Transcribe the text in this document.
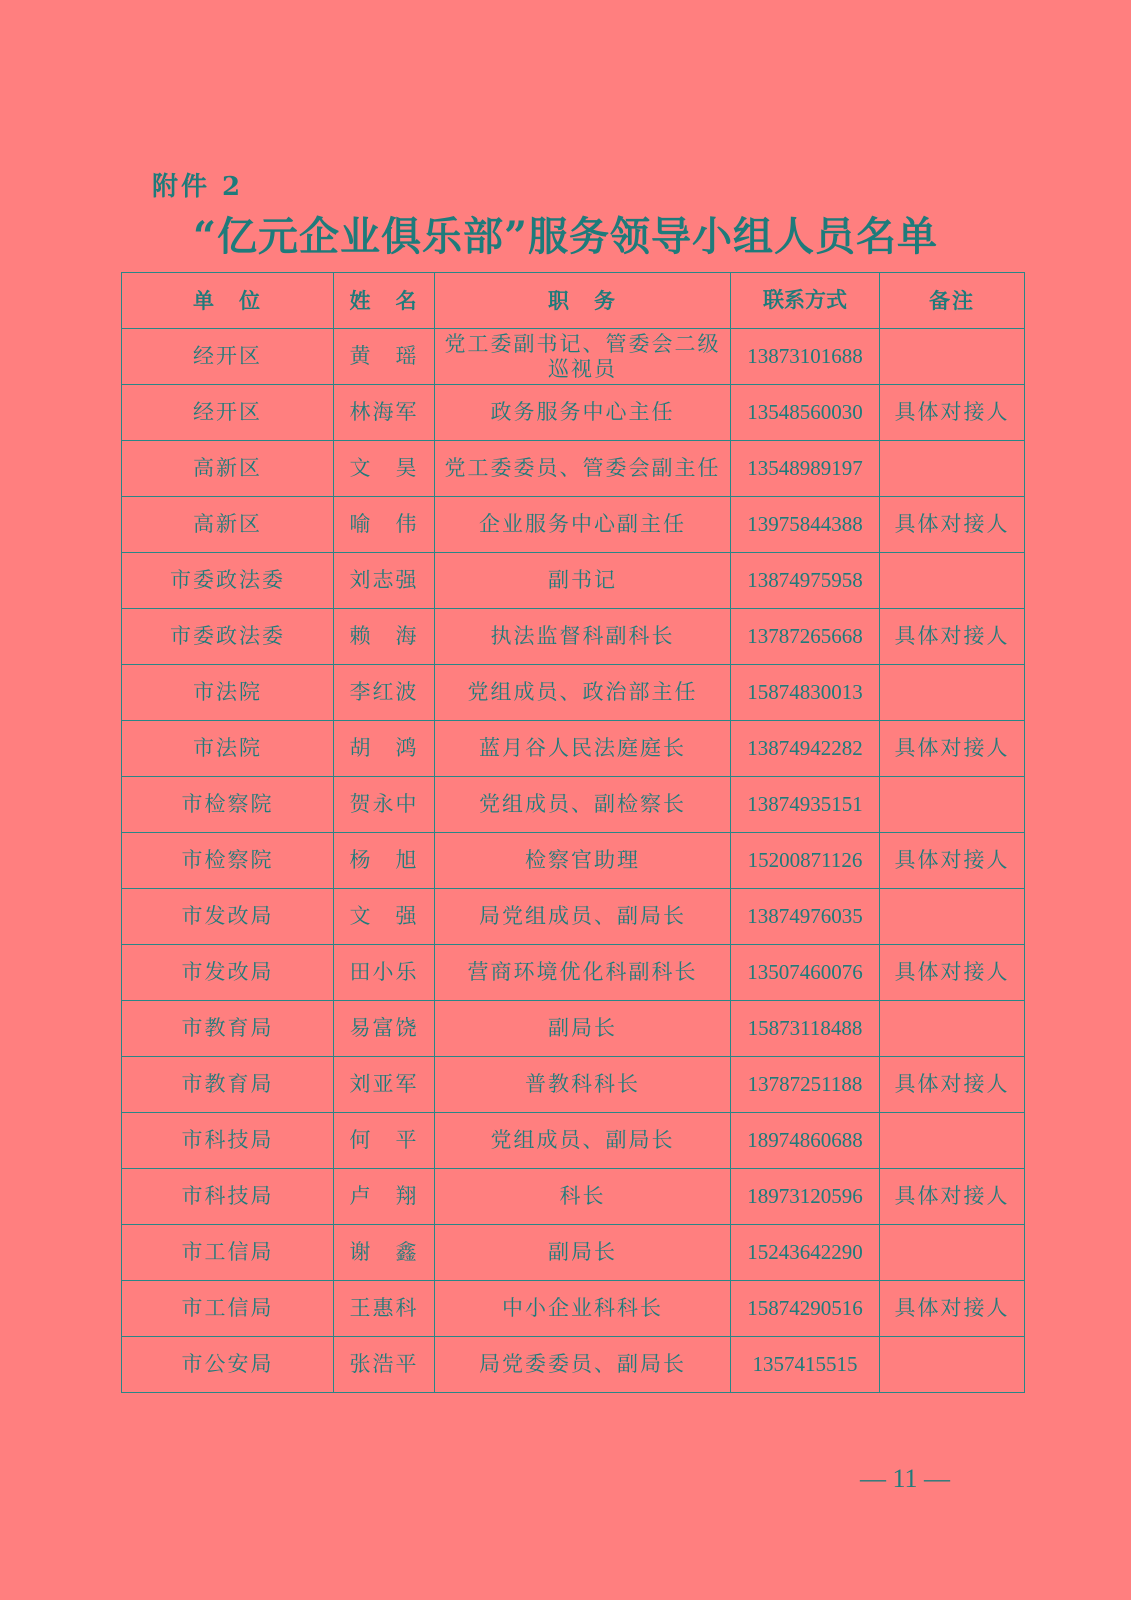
附件 2
“亿元企业俱乐部”服务领导小组人员名单
单　位	姓　名	职　务	联系方式	备注
经开区	黄　瑶	党工委副书记、管委会二级巡视员	13873101688	
经开区	林海军	政务服务中心主任	13548560030	具体对接人
高新区	文　昊	党工委委员、管委会副主任	13548989197	
高新区	喻　伟	企业服务中心副主任	13975844388	具体对接人
市委政法委	刘志强	副书记	13874975958	
市委政法委	赖　海	执法监督科副科长	13787265668	具体对接人
市法院	李红波	党组成员、政治部主任	15874830013	
市法院	胡　鸿	蓝月谷人民法庭庭长	13874942282	具体对接人
市检察院	贺永中	党组成员、副检察长	13874935151	
市检察院	杨　旭	检察官助理	15200871126	具体对接人
市发改局	文　强	局党组成员、副局长	13874976035	
市发改局	田小乐	营商环境优化科副科长	13507460076	具体对接人
市教育局	易富饶	副局长	15873118488	
市教育局	刘亚军	普教科科长	13787251188	具体对接人
市科技局	何　平	党组成员、副局长	18974860688	
市科技局	卢　翔	科长	18973120596	具体对接人
市工信局	谢　鑫	副局长	15243642290	
市工信局	王惠科	中小企业科科长	15874290516	具体对接人
市公安局	张浩平	局党委委员、副局长	1357415515	
— 11 —
